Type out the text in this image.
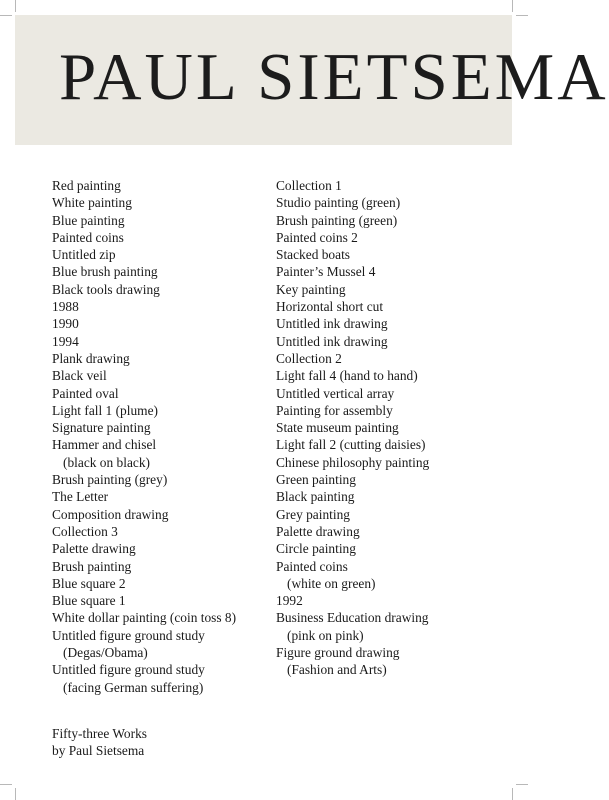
PAUL SIETSEMA
Red painting
White painting
Blue painting
Painted coins
Untitled zip
Blue brush painting
Black tools drawing
1988
1990
1994
Plank drawing
Black veil
Painted oval
Light fall 1 (plume)
Signature painting
Hammer and chisel
(black on black)
Brush painting (grey)
The Letter
Composition drawing
Collection 3
Palette drawing
Brush painting
Blue square 2
Blue square 1
White dollar painting (coin toss 8)
Untitled figure ground study
(Degas/Obama)
Untitled figure ground study
(facing German suffering)
Collection 1
Studio painting (green)
Brush painting (green)
Painted coins 2
Stacked boats
Painter’s Mussel 4
Key painting
Horizontal short cut
Untitled ink drawing
Untitled ink drawing
Collection 2
Light fall 4 (hand to hand)
Untitled vertical array
Painting for assembly
State museum painting
Light fall 2 (cutting daisies)
Chinese philosophy painting
Green painting
Black painting
Grey painting
Palette drawing
Circle painting
Painted coins
(white on green)
1992
Business Education drawing
(pink on pink)
Figure ground drawing
(Fashion and Arts)
Fifty-three Works
by Paul Sietsema
